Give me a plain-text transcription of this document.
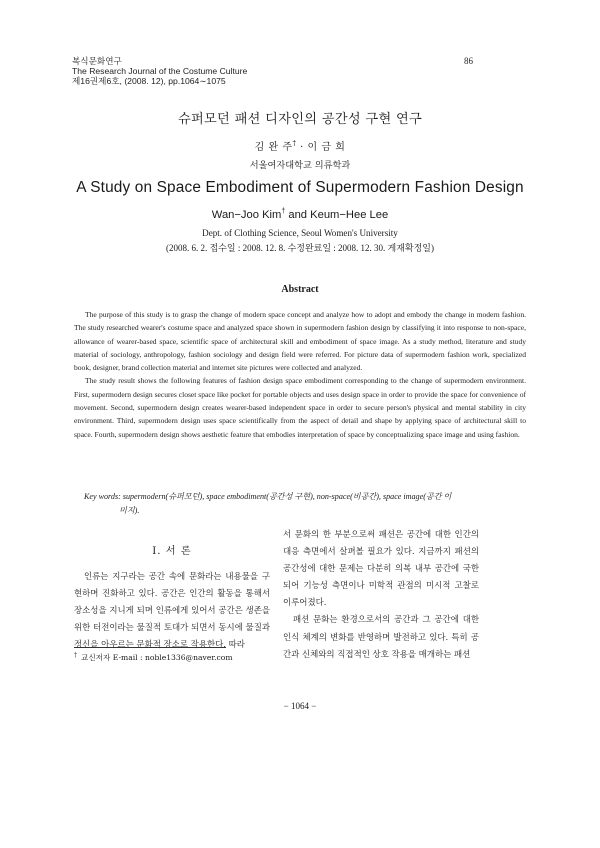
복식문화연구
The Research Journal of the Costume Culture
제16권제6호, (2008. 12), pp.1064∼1075
86
슈퍼모던 패션 디자인의 공간성 구현 연구
김 완 주† · 이 금 희
서울여자대학교 의류학과
A Study on Space Embodiment of Supermodern Fashion Design
Wan−Joo Kim† and Keum−Hee Lee
Dept. of Clothing Science, Seoul Women's University
(2008. 6. 2. 접수일 : 2008. 12. 8. 수정완료일 : 2008. 12. 30. 게재확정일)
Abstract

The purpose of this study is to grasp the change of modern space concept and analyze how to adopt and embody the change in modern fashion. The study researched wearer's costume space and analyzed space shown in supermodern fashion design by classifying it into response to non-space, allowance of wearer-based space, scientific space of architectural skill and embodiment of space image. As a study method, literature and study material of sociology, anthropology, fashion sociology and design field were referred. For picture data of supermodern fashion work, specialized book, designer, brand collection material and internet site pictures were collected and analyzed.

The study result shows the following features of fashion design space embodiment corresponding to the change of supermodern environment. First, supermodern design secures closet space like pocket for portable objects and uses design space in order to provide the space for convenience of movement. Second, supermodern design creates wearer-based independent space in order to secure person's physical and mental stability in city environment. Third, supermodern design uses space scientifically from the aspect of detail and shape by applying space of architectural skill to space. Fourth, supermodern design shows aesthetic feature that embodies interpretation of space by conceptualizing space image and using fashion.

Key words: supermodern(슈퍼모던), space embodiment(공간성 구현), non-space(비공간), space image(공간 이
미지).
Ⅰ. 서 론

인류는 지구라는 공간 속에 문화라는 내용물을 구현하며 진화하고 있다. 공간은 인간의 활동을 통해서 장소성을 지니게 되며 인류에게 있어서 공간은 생존을 위한 터전이라는 물질적 토대가 되면서 동시에 물질과 정신을 아우르는 문화적 장소로 작용한다. 따라

서 문화의 한 부분으로써 패션은 공간에 대한 인간의 대응 측면에서 살펴볼 필요가 있다. 지금까지 패션의 공간성에 대한 문제는 다분히 의복 내부 공간에 국한되어 기능성 측면이나 미학적 관점의 미시적 고찰로 이루어졌다.

패션 문화는 환경으로서의 공간과 그 공간에 대한 인식 체계의 변화를 반영하며 발전하고 있다. 특히 공간과 신체와의 직접적인 상호 작용을 매개하는 패션

† 교신저자 E-mail : noble1336@naver.com
− 1064 −
